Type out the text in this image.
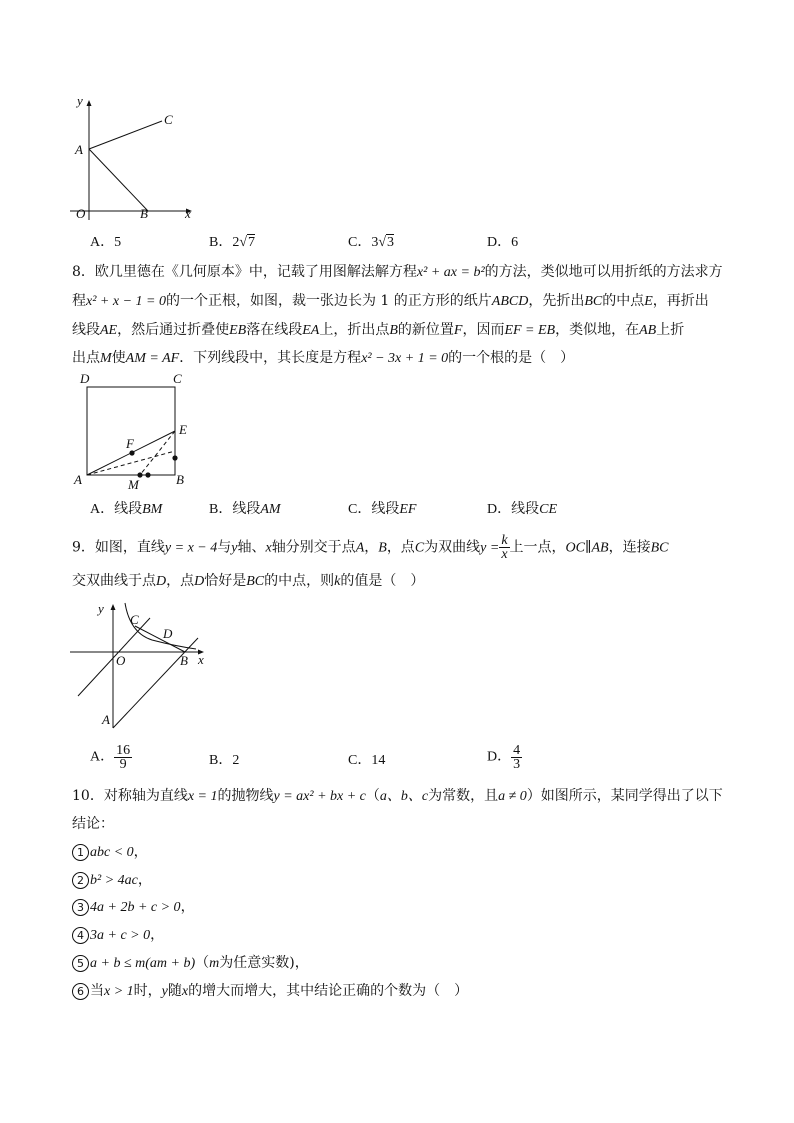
y
x
A
C
B
O
A．5	B．2√7	C．3√3	D．6
8．欧几里德在《几何原本》中，记载了用图解法解方程x² + ax = b²的方法，类似地可以用折纸的方法求方
程x² + x − 1 = 0的一个正根，如图，裁一张边长为 1 的正方形的纸片ABCD，先折出BC的中点E，再折出
线段AE，然后通过折叠使EB落在线段EA上，折出点B的新位置F，因而EF = EB，类似地，在AB上折
出点M使AM = AF．下列线段中，其长度是方程x² − 3x + 1 = 0的一个根的是（　）
D	C
A	B
E
F
M
A．线段BM	B．线段AM	C．线段EF	D．线段CE
9．如图，直线y = x − 4与y轴、x轴分别交于点A，B，点C为双曲线$y = \frac{k}{x}$ 上一点，OC∥AB，连接BC
交双曲线于点D，点D恰好是BC的中点，则k的值是（　）
y
x
O	B
A
C
D
A． $\frac{16}{9}$	B．2	C．14	D． $\frac{4}{3}$
10．对称轴为直线x = 1的抛物线y = ax² + bx + c（a、b、c为常数，且a ≠ 0）如图所示，某同学得出了以下
结论：
1 abc < 0，
2 b² > 4ac，
3 4a + 2b + c > 0，
4 3a + c > 0，
5 a + b ≤ m(am + b)（m为任意实数)，
6 当x > 1时，y随x的增大而增大，其中结论正确的个数为（　）
